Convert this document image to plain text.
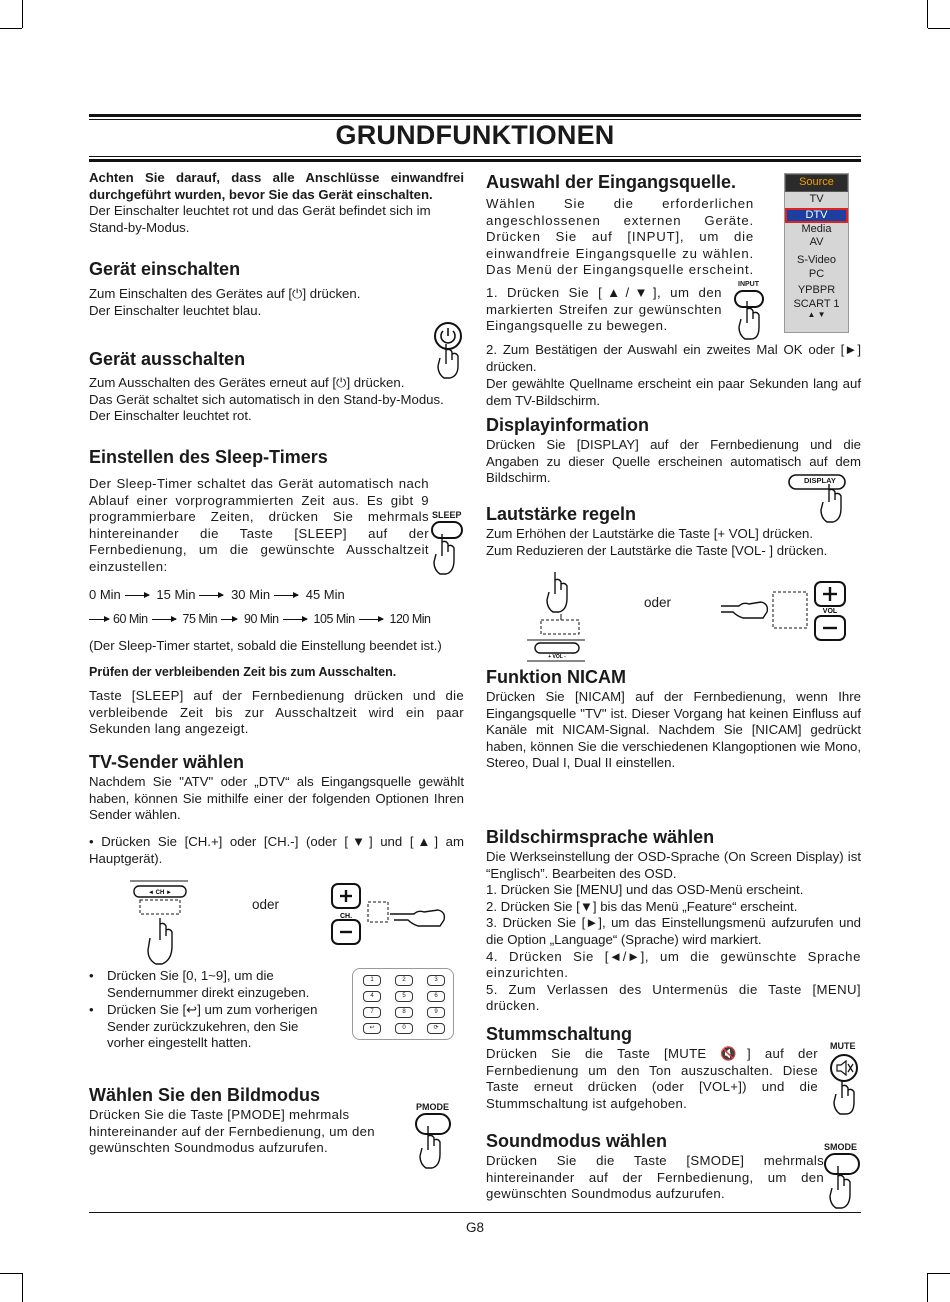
GRUNDFUNKTIONEN

Achten Sie darauf, dass alle Anschlüsse einwandfrei durchgeführt wurden, bevor Sie das Gerät einschalten.

Der Einschalter leuchtet rot und das Gerät befindet sich im Stand-by-Modus.

Gerät einschalten

Zum Einschalten des Gerätes auf [⏻] drücken.

Der Einschalter leuchtet blau.

Gerät ausschalten

Zum Ausschalten des Gerätes erneut auf [⏻] drücken.

Das Gerät schaltet sich automatisch in den Stand-by-Modus.

Der Einschalter leuchtet rot.

Einstellen des Sleep-Timers

Der Sleep-Timer schaltet das Gerät automatisch nach Ablauf einer vorprogrammierten Zeit aus. Es gibt 9 programmierbare Zeiten, drücken Sie mehrmals hintereinander die Taste [SLEEP] auf der Fernbedienung, um die gewünschte Ausschaltzeit einzustellen:

SLEEP
0 Min	15 Min	30 Min	45 Min
60 Min	75 Min 90 Min	105 Min	120 Min
(Der Sleep-Timer startet, sobald die Einstellung beendet ist.)
Prüfen der verbleibenden Zeit bis zum Ausschalten.
Taste [SLEEP] auf der Fernbedienung drücken und die verbleibende Zeit bis zur Ausschaltzeit wird ein paar Sekunden lang angezeigt.
TV-Sender wählen
Nachdem Sie "ATV" oder „DTV“ als Eingangsquelle gewählt haben, können Sie mithilfe einer der folgenden Optionen Ihren Sender wählen.
• Drücken Sie [CH.+] oder [CH.-] (oder [▼] und [▲] am Hauptgerät).
◄ CH ►
oder
CH.
• Drücken Sie [0, 1~9], um die Sendernummer direkt einzugeben.
• Drücken Sie [↩] um zum vorherigen Sender zurückzukehren, den Sie vorher eingestellt hatten.
1	2	3
4	5	6
7	8	9
↩	0	⟳
Wählen Sie den Bildmodus
Drücken Sie die Taste [PMODE] mehrmals hintereinander auf der Fernbedienung, um den gewünschten Soundmodus aufzurufen.
PMODE
Auswahl der Eingangsquelle.
Wählen Sie die erforderlichen angeschlossenen externen Geräte. Drücken Sie auf [INPUT], um die einwandfreie Eingangsquelle zu wählen. Das Menü der Eingangsquelle erscheint.
Source
TV
DTV
Media
AV
S-Video
PC
YPBPR
SCART 1
▲ ▼
1. Drücken Sie [▲/▼], um den markierten Streifen zur gewünschten Eingangsquelle zu bewegen.
INPUT
2. Zum Bestätigen der Auswahl ein zweites Mal OK oder [►] drücken.
Der gewählte Quellname erscheint ein paar Sekunden lang auf dem TV-Bildschirm.
Displayinformation
Drücken Sie [DISPLAY] auf der Fernbedienung und die Angaben zu dieser Quelle erscheinen automatisch auf dem Bildschirm.	DISPLAY
Lautstärke regeln

Zum Erhöhen der Lautstärke die Taste [+ VOL] drücken.

Zum Reduzieren der Lautstärke die Taste [VOL- ] drücken.

+ VOL -
oder
VOL
Funktion NICAM
Drücken Sie [NICAM] auf der Fernbedienung, wenn Ihre Eingangsquelle "TV" ist. Dieser Vorgang hat keinen Einfluss auf Kanäle mit NICAM-Signal. Nachdem Sie [NICAM] gedrückt haben, können Sie die verschiedenen Klangoptionen wie Mono, Stereo, Dual I, Dual II einstellen.
Bildschirmsprache wählen

Die Werkseinstellung der OSD-Sprache (On Screen Display) ist “Englisch”. Bearbeiten des OSD.

1. Drücken Sie [MENU] und das OSD-Menü erscheint.

2. Drücken Sie [▼] bis das Menü „Feature“ erscheint.

3. Drücken Sie [►], um das Einstellungsmenü aufzurufen und die Option „Language“ (Sprache) wird markiert.

4. Drücken Sie [◄/►], um die gewünschte Sprache einzurichten.

5. Zum Verlassen des Untermenüs die Taste [MENU] drücken.

Stummschaltung
Drücken Sie die Taste [MUTE 🔇] auf der Fernbedienung um den Ton auszuschalten. Diese Taste erneut drücken (oder [VOL+]) und die Stummschaltung ist aufgehoben.
MUTE
Soundmodus wählen
Drücken Sie die Taste [SMODE] mehrmals hintereinander auf der Fernbedienung, um den gewünschten Soundmodus aufzurufen.
SMODE
G8
